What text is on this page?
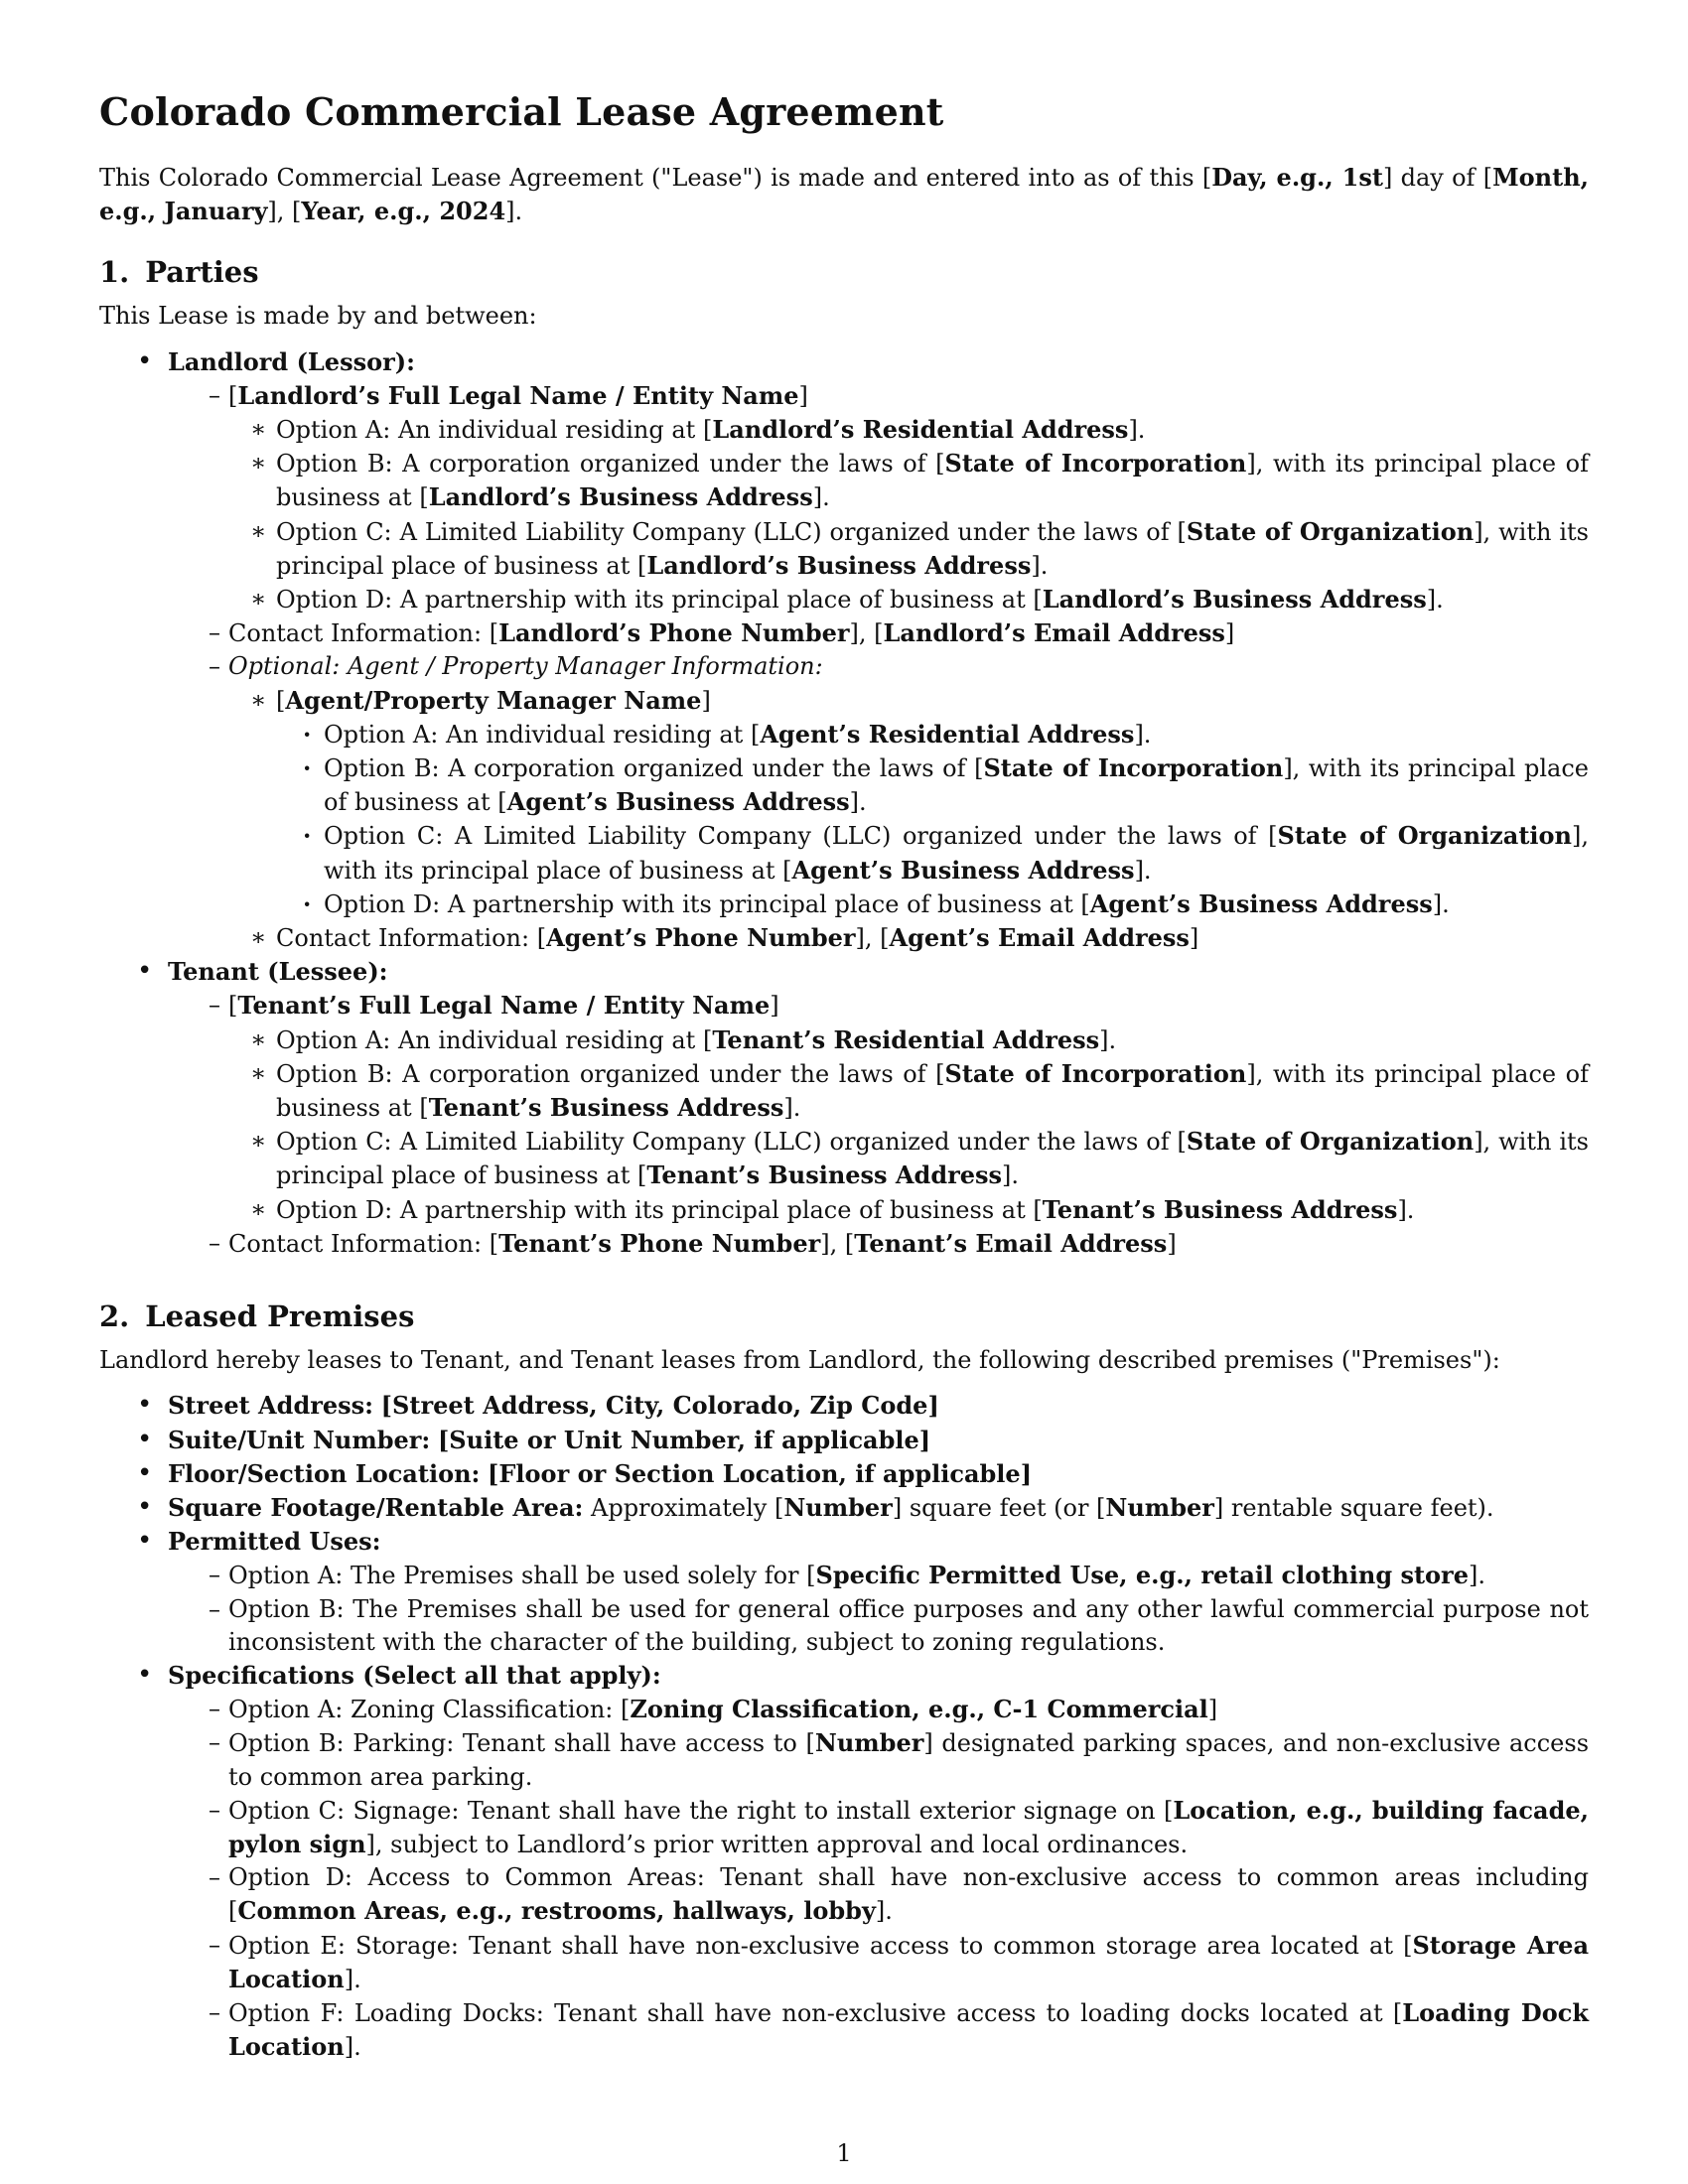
Colorado Commercial Lease Agreement

This Colorado Commercial Lease Agreement ("Lease") is made and entered into as of this [Day, e.g., 1st] day of [Month, e.g., January], [Year, e.g., 2024].

1. Parties

This Lease is made by and between:

• Landlord (Lessor):
– [Landlord’s Full Legal Name / Entity Name]
∗ Option A: An individual residing at [Landlord’s Residential Address].
∗ Option B: A corporation organized under the laws of [State of Incorporation], with its principal place of business at [Landlord’s Business Address].
∗ Option C: A Limited Liability Company (LLC) organized under the laws of [State of Organization], with its principal place of business at [Landlord’s Business Address].
∗ Option D: A partnership with its principal place of business at [Landlord’s Business Address].
– Contact Information: [Landlord’s Phone Number], [Landlord’s Email Address]
– Optional: Agent / Property Manager Information:
∗ [Agent/Property Manager Name]
· Option A: An individual residing at [Agent’s Residential Address].
· Option B: A corporation organized under the laws of [State of Incorporation], with its principal place of business at [Agent’s Business Address].
· Option C: A Limited Liability Company (LLC) organized under the laws of [State of Organization], with its principal place of business at [Agent’s Business Address].
· Option D: A partnership with its principal place of business at [Agent’s Business Address].
∗ Contact Information: [Agent’s Phone Number], [Agent’s Email Address]
• Tenant (Lessee):
– [Tenant’s Full Legal Name / Entity Name]
∗ Option A: An individual residing at [Tenant’s Residential Address].
∗ Option B: A corporation organized under the laws of [State of Incorporation], with its principal place of business at [Tenant’s Business Address].
∗ Option C: A Limited Liability Company (LLC) organized under the laws of [State of Organization], with its principal place of business at [Tenant’s Business Address].
∗ Option D: A partnership with its principal place of business at [Tenant’s Business Address].
– Contact Information: [Tenant’s Phone Number], [Tenant’s Email Address]
2. Leased Premises

Landlord hereby leases to Tenant, and Tenant leases from Landlord, the following described premises ("Premises"):

• Street Address: [Street Address, City, Colorado, Zip Code]
• Suite/Unit Number: [Suite or Unit Number, if applicable]
• Floor/Section Location: [Floor or Section Location, if applicable]
• Square Footage/Rentable Area: Approximately [Number] square feet (or [Number] rentable square feet).
• Permitted Uses:
– Option A: The Premises shall be used solely for [Specific Permitted Use, e.g., retail clothing store].
– Option B: The Premises shall be used for general office purposes and any other lawful commercial purpose not inconsistent with the character of the building, subject to zoning regulations.
• Specifications (Select all that apply):
– Option A: Zoning Classification: [Zoning Classification, e.g., C-1 Commercial]
– Option B: Parking: Tenant shall have access to [Number] designated parking spaces, and non-exclusive access to common area parking.
– Option C: Signage: Tenant shall have the right to install exterior signage on [Location, e.g., building facade, pylon sign], subject to Landlord’s prior written approval and local ordinances.
– Option D: Access to Common Areas: Tenant shall have non-exclusive access to common areas including [Common Areas, e.g., restrooms, hallways, lobby].
– Option E: Storage: Tenant shall have non-exclusive access to common storage area located at [Storage Area Location].
– Option F: Loading Docks: Tenant shall have non-exclusive access to loading docks located at [Loading Dock Location].
1
